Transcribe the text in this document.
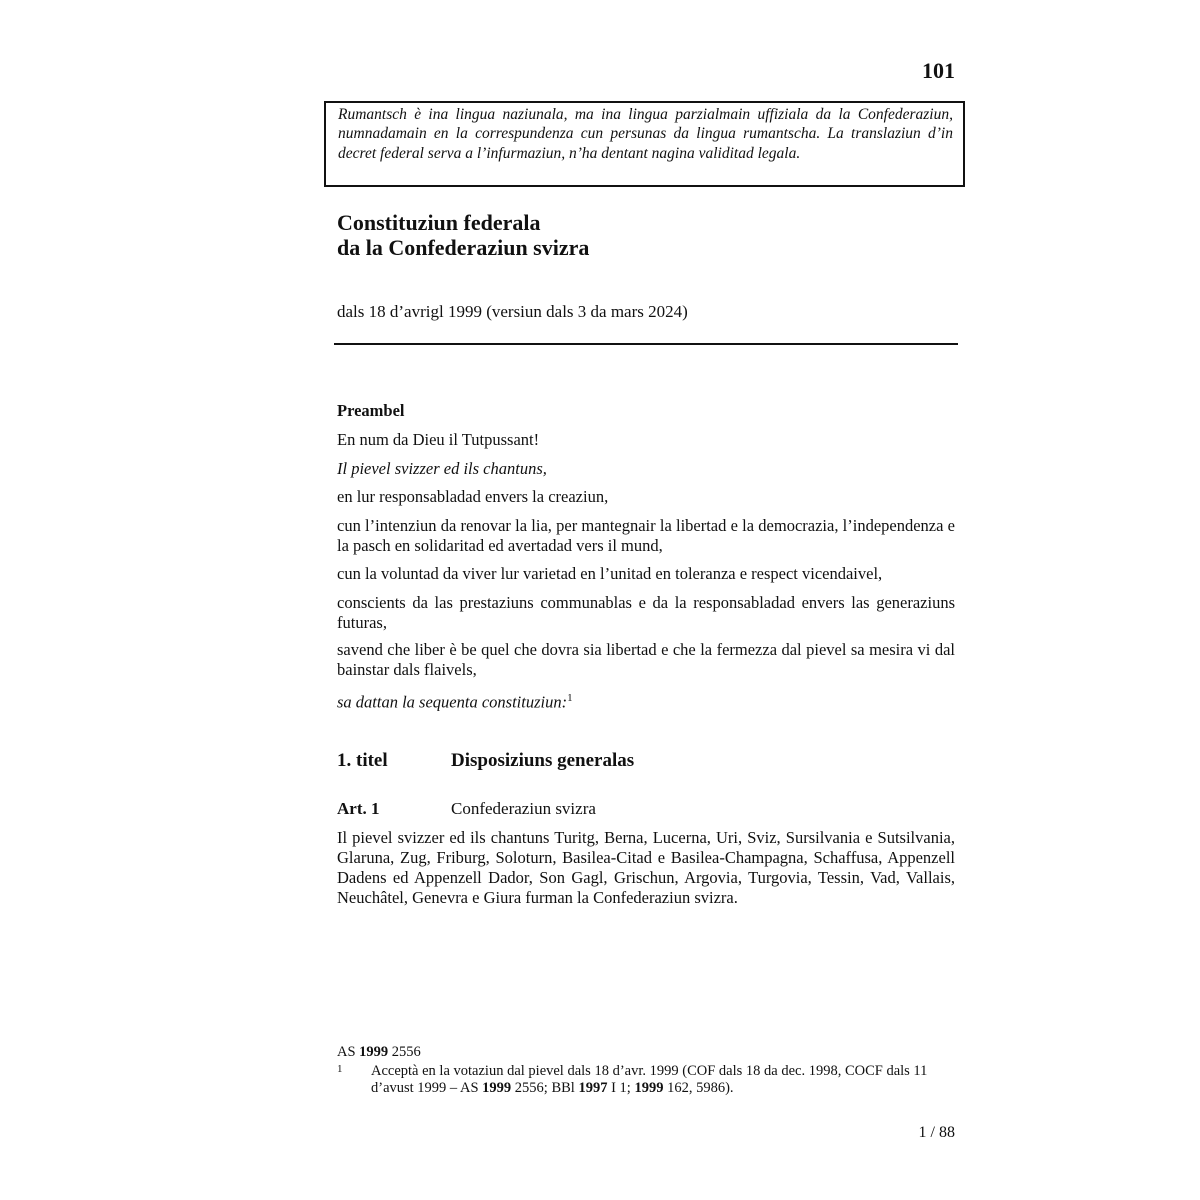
101
Rumantsch è ina lingua naziunala, ma ina lingua parzialmain uffiziala da la Confederaziun, numnadamain en la correspundenza cun persunas da lingua rumantscha. La translaziun d’in decret federal serva a l’infurmaziun, n’ha dentant nagina validitad legala.
Constituziun federala
da la Confederaziun svizra
dals 18 d’avrigl 1999 (versiun dals 3 da mars 2024)
Preambel
En num da Dieu il Tutpussant!
Il pievel svizzer ed ils chantuns,
en lur responsabladad envers la creaziun,
cun l’intenziun da renovar la lia, per mantegnair la libertad e la democrazia, l’independenza e la pasch en solidaritad ed avertadad vers il mund,
cun la voluntad da viver lur varietad en l’unitad en toleranza e respect vicendaivel,
conscients da las prestaziuns communablas e da la responsabladad envers las generaziuns futuras,
savend che liber è be quel che dovra sia libertad e che la fermezza dal pievel sa mesira vi dal bainstar dals flaivels,
sa dattan la sequenta constituziun:$^1$
1. titel	Disposiziuns generalas
Art. 1	Confederaziun svizra
Il pievel svizzer ed ils chantuns Turitg, Berna, Lucerna, Uri, Sviz, Sursilvania e Sutsilvania, Glaruna, Zug, Friburg, Soloturn, Basilea-Citad e Basilea-Champagna, Schaffusa, Appenzell Dadens ed Appenzell Dador, Son Gagl, Grischun, Argovia, Turgovia, Tessin, Vad, Vallais, Neuchâtel, Genevra e Giura furman la Confederaziun svizra.
AS 1999 2556
1 Acceptà en la votaziun dal pievel dals 18 d’avr. 1999 (COF dals 18 da dec. 1998, COCF dals 11 d’avust 1999 – AS 1999 2556; BBl 1997 I 1; 1999 162, 5986).
1 / 88
